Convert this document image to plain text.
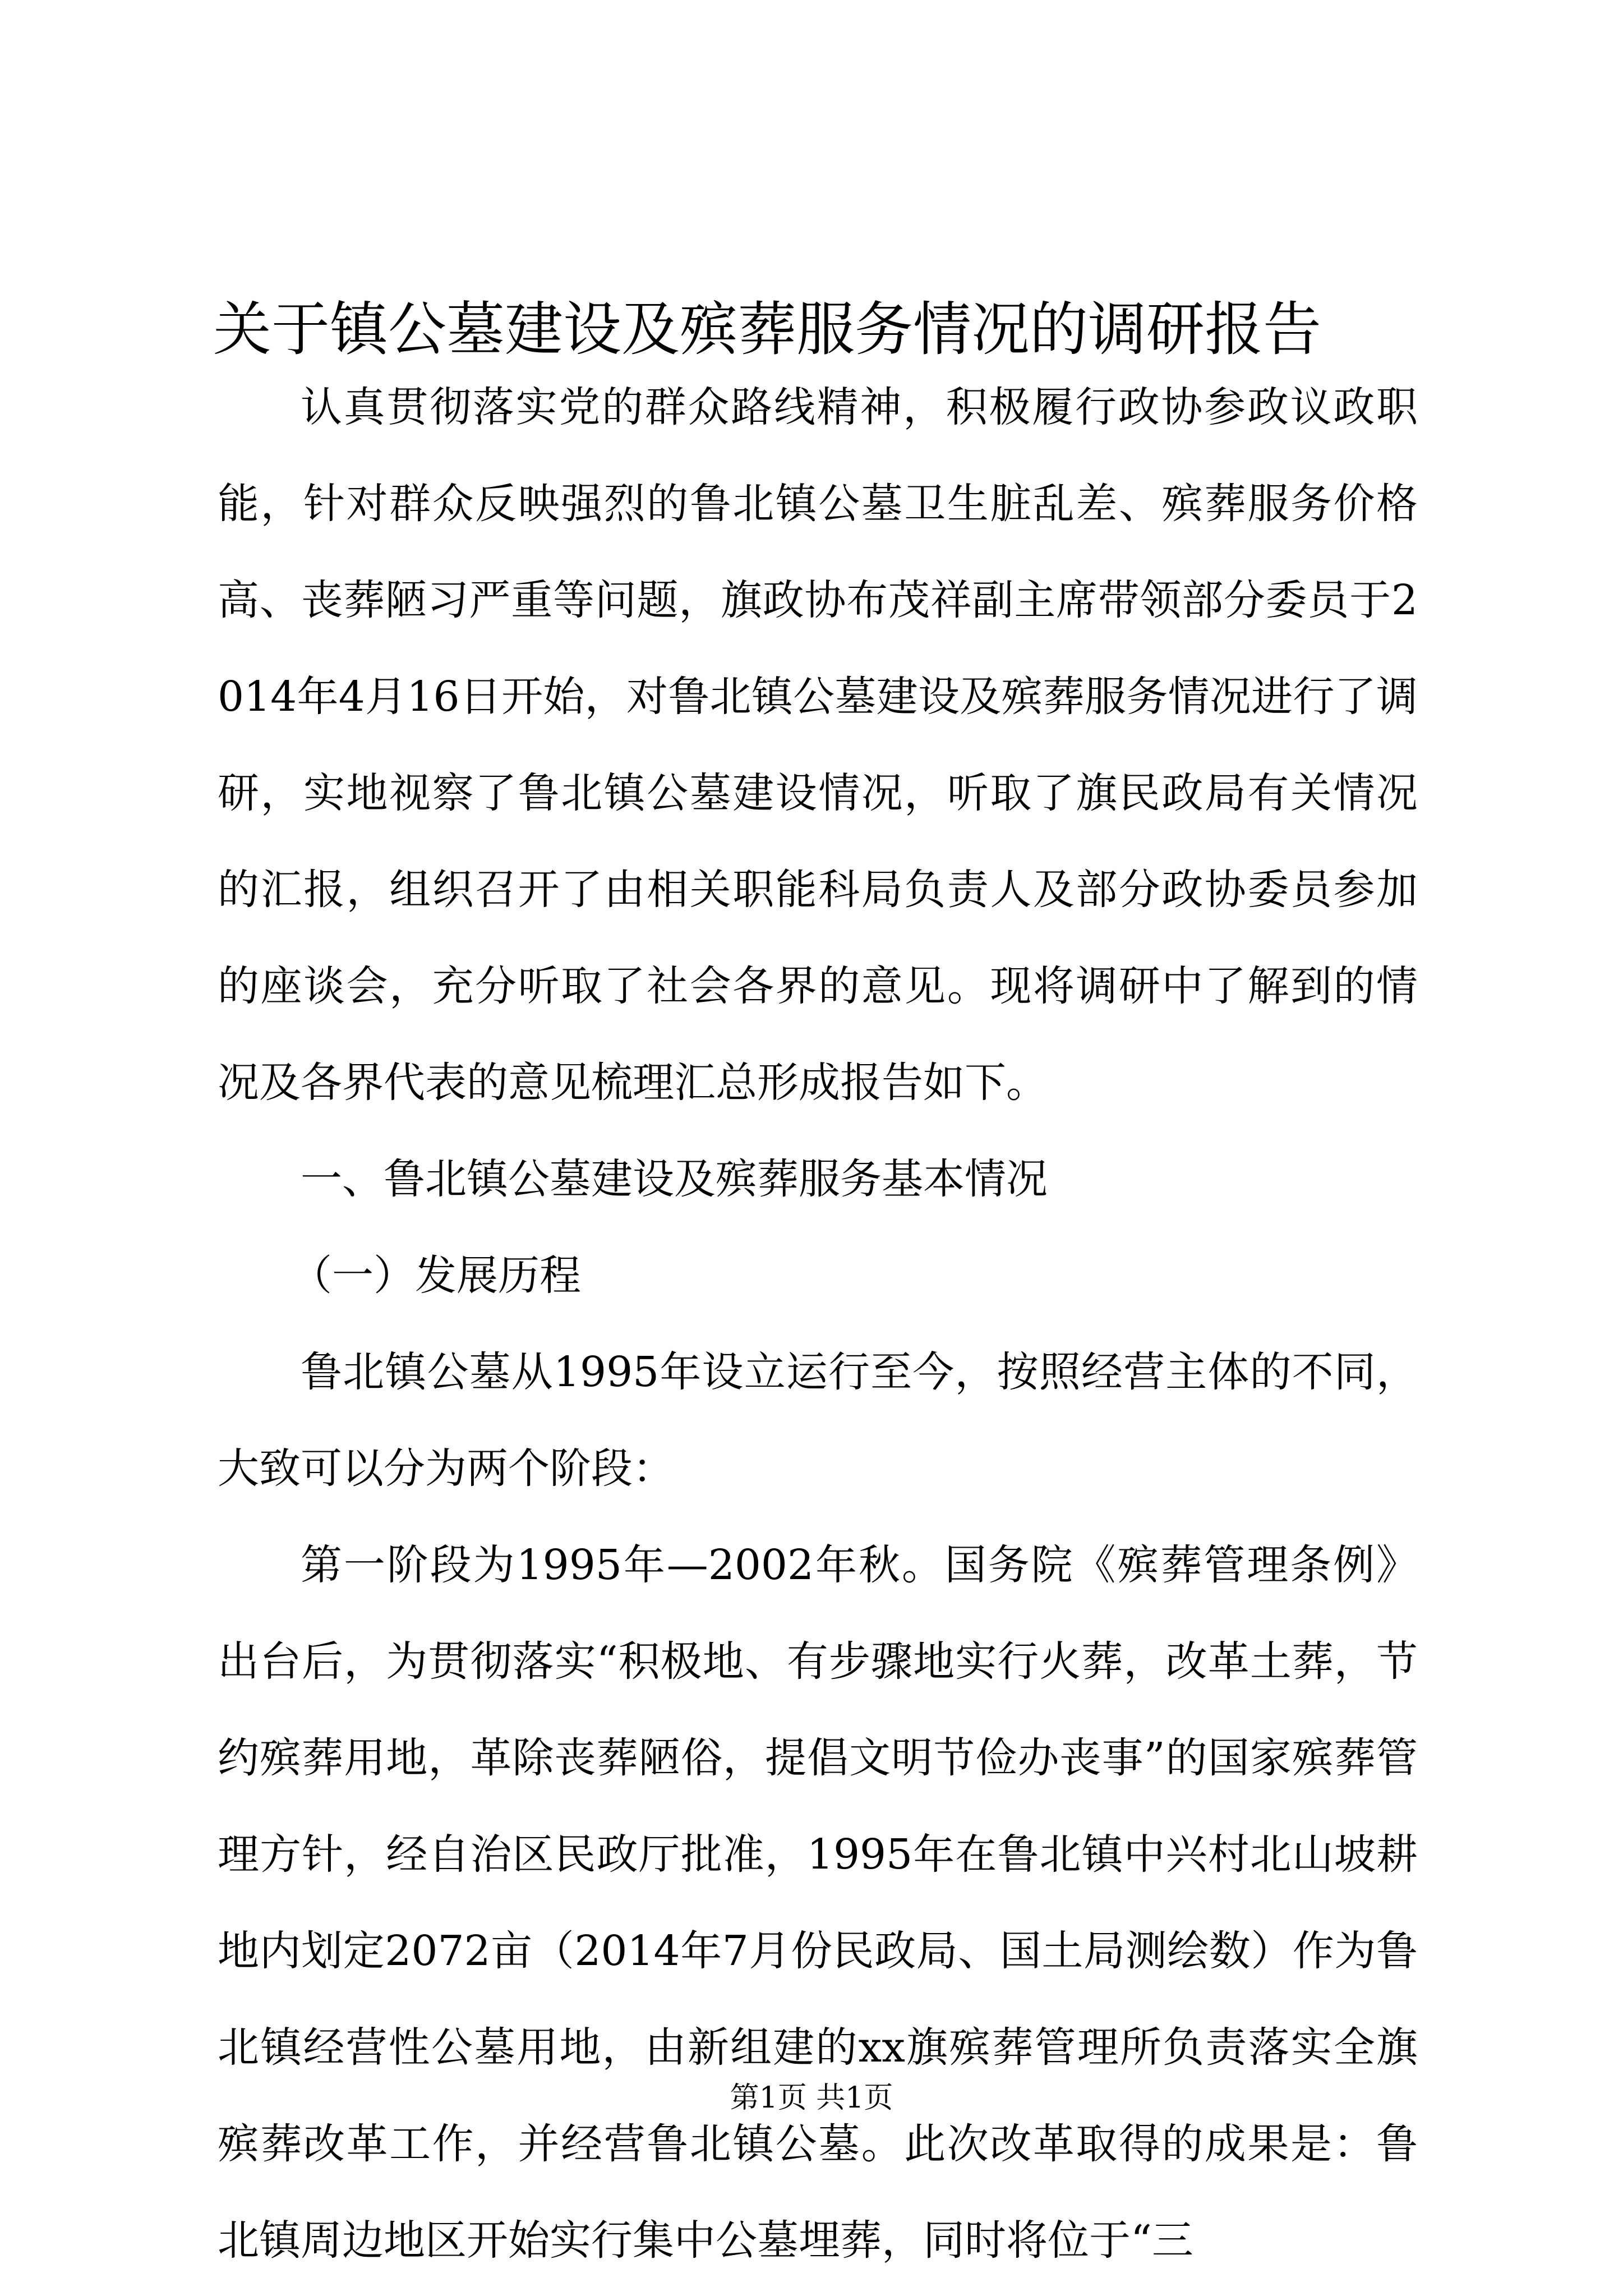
关于镇公墓建设及殡葬服务情况的调研报告

认真贯彻落实党的群众路线精神，积极履行政协参政议政职能，针对群众反映强烈的鲁北镇公墓卫生脏乱差、殡葬服务价格高、丧葬陋习严重等问题，旗政协布茂祥副主席带领部分委员于2014年4月16日开始，对鲁北镇公墓建设及殡葬服务情况进行了调研，实地视察了鲁北镇公墓建设情况，听取了旗民政局有关情况的汇报，组织召开了由相关职能科局负责人及部分政协委员参加的座谈会，充分听取了社会各界的意见。现将调研中了解到的情况及各界代表的意见梳理汇总形成报告如下。

一、鲁北镇公墓建设及殡葬服务基本情况

（一）发展历程

鲁北镇公墓从1995年设立运行至今，按照经营主体的不同，大致可以分为两个阶段：

第一阶段为1995年—2002年秋。国务院《殡葬管理条例》出台后，为贯彻落实“积极地、有步骤地实行火葬，改革土葬，节约殡葬用地，革除丧葬陋俗，提倡文明节俭办丧事”的国家殡葬管理方针，经自治区民政厅批准，1995年在鲁北镇中兴村北山坡耕地内划定2072亩（2014年7月份民政局、国土局测绘数）作为鲁北镇经营性公墓用地，由新组建的xx旗殡葬管理所负责落实全旗殡葬改革工作，并经营鲁北镇公墓。此次改革取得的成果是：鲁北镇周边地区开始实行集中公墓埋葬，同时将位于“三

第1页 共1页
